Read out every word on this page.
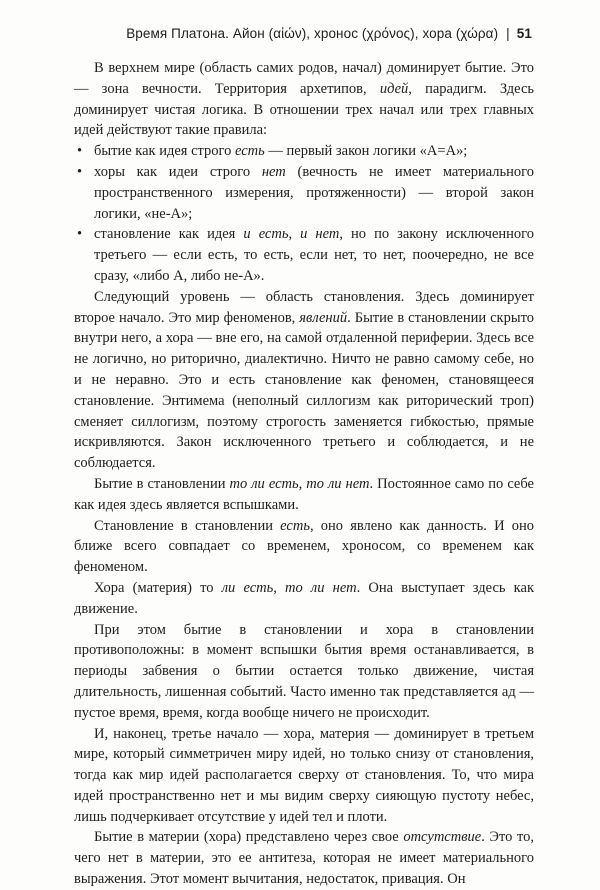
Время Платона. Айон (αἰών), хронос (χρόνος), хора (χώρα) | 51

В верхнем мире (область самих родов, начал) доминирует бытие. Это — зона вечности. Территория архетипов, идей, парадигм. Здесь доминирует чистая логика. В отношении трех начал или трех главных идей действуют такие правила:

• бытие как идея строго есть — первый закон логики «А=А»;
• хоры как идеи строго нет (вечность не имеет материального пространственного измерения, протяженности) — второй закон логики, «не-А»;
• становление как идея и есть, и нет, но по закону исключенного третьего — если есть, то есть, если нет, то нет, поочередно, не все сразу, «либо А, либо не-А».

Следующий уровень — область становления. Здесь доминирует второе начало. Это мир феноменов, явлений. Бытие в становлении скрыто внутри него, а хора — вне его, на самой отдаленной периферии. Здесь все не логично, но риторично, диалектично. Ничто не равно самому себе, но и не неравно. Это и есть становление как феномен, становящееся становление. Энтимема (неполный силлогизм как риторический троп) сменяет силлогизм, поэтому строгость заменяется гибкостью, прямые искривляются. Закон исключенного третьего и соблюдается, и не соблюдается.

Бытие в становлении то ли есть, то ли нет. Постоянное само по себе как идея здесь является вспышками.

Становление в становлении есть, оно явлено как данность. И оно ближе всего совпадает со временем, хроносом, со временем как феноменом.

Хора (материя) то ли есть, то ли нет. Она выступает здесь как движение.

При этом бытие в становлении и хора в становлении противоположны: в момент вспышки бытия время останавливается, в периоды забвения о бытии остается только движение, чистая длительность, лишенная событий. Часто именно так представляется ад — пустое время, время, когда вообще ничего не происходит.

И, наконец, третье начало — хора, материя — доминирует в третьем мире, который симметричен миру идей, но только снизу от становления, тогда как мир идей располагается сверху от становления. То, что мира идей пространственно нет и мы видим сверху сияющую пустоту небес, лишь подчеркивает отсутствие у идей тел и плоти.

Бытие в материи (хора) представлено через свое отсутствие. Это то, чего нет в материи, это ее антитеза, которая не имеет материального выражения. Этот момент вычитания, недостаток, привация. Он
